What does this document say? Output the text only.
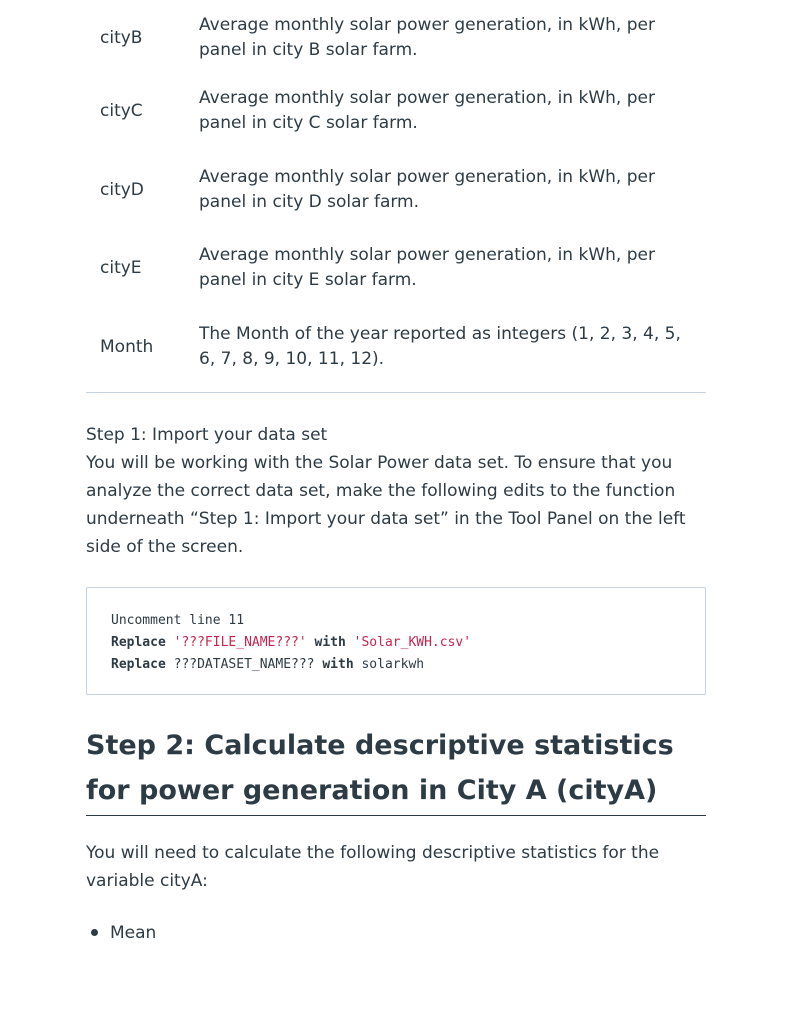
cityB
Average monthly solar power generation, in kWh, per panel in city B solar farm.
cityC
Average monthly solar power generation, in kWh, per panel in city C solar farm.
cityD
Average monthly solar power generation, in kWh, per panel in city D solar farm.
cityE
Average monthly solar power generation, in kWh, per panel in city E solar farm.
Month
The Month of the year reported as integers (1, 2, 3, 4, 5, 6, 7, 8, 9, 10, 11, 12).
Step 1: Import your data set

You will be working with the Solar Power data set. To ensure that you analyze the correct data set, make the following edits to the function underneath “Step 1: Import your data set” in the Tool Panel on the left side of the screen.

Uncomment line 11
Replace '???FILE_NAME???' with 'Solar_KWH.csv'
Replace ???DATASET_NAME??? with solarkwh
Step 2: Calculate descriptive statistics for power generation in City A (cityA)
You will need to calculate the following descriptive statistics for the variable cityA:
Mean
